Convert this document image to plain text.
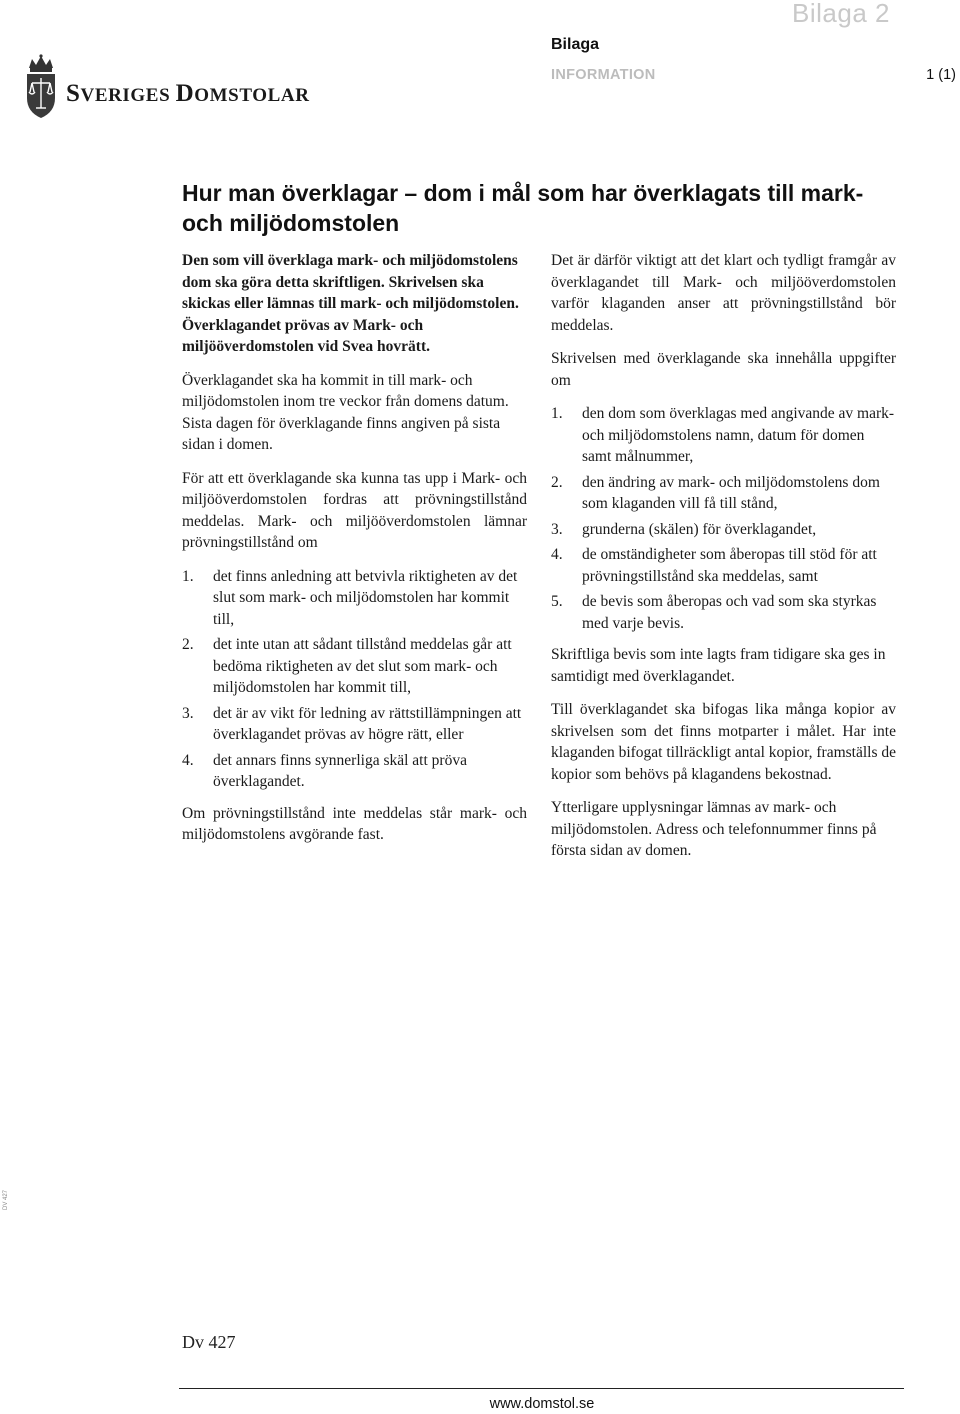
Bilaga 2
Bilaga
INFORMATION	1 (1)
SVERIGES DOMSTOLAR
Hur man överklagar – dom i mål som har överklagats till mark- och miljödomstolen

Den som vill överklaga mark- och miljödomstolens dom ska göra detta skriftligen. Skrivelsen ska skickas eller lämnas till mark- och miljödomstolen. Överklagandet prövas av Mark- och miljööverdomstolen vid Svea hovrätt.

Överklagandet ska ha kommit in till mark- och miljödomstolen inom tre veckor från domens datum. Sista dagen för överklagande finns angiven på sista sidan i domen.

För att ett överklagande ska kunna tas upp i Mark- och miljööverdomstolen fordras att prövningstillstånd meddelas. Mark- och miljööverdomstolen lämnar prövningstillstånd om

1.	det finns anledning att betvivla riktigheten av det slut som mark- och miljödomstolen har kommit till,
2.	det inte utan att sådant tillstånd meddelas går att bedöma riktigheten av det slut som mark- och miljödomstolen har kommit till,
3.	det är av vikt för ledning av rättstillämpningen att överklagandet prövas av högre rätt, eller
4.	det annars finns synnerliga skäl att pröva överklagandet.

Om prövningstillstånd inte meddelas står mark- och miljödomstolens avgörande fast.

Det är därför viktigt att det klart och tydligt framgår av överklagandet till Mark- och miljööverdomstolen varför klaganden anser att prövningstillstånd bör meddelas.

Skrivelsen med överklagande ska innehålla uppgifter om

1.	den dom som överklagas med angivande av mark- och miljödomstolens namn, datum för domen samt målnummer,
2.	den ändring av mark- och miljödomstolens dom som klaganden vill få till stånd,
3.	grunderna (skälen) för överklagandet,
4.	de omständigheter som åberopas till stöd för att prövningstillstånd ska meddelas, samt
5.	de bevis som åberopas och vad som ska styrkas med varje bevis.

Skriftliga bevis som inte lagts fram tidigare ska ges in samtidigt med överklagandet.

Till överklagandet ska bifogas lika många kopior av skrivelsen som det finns motparter i målet. Har inte klaganden bifogat tillräckligt antal kopior, framställs de kopior som behövs på klagandens bekostnad.

Ytterligare upplysningar lämnas av mark- och miljödomstolen. Adress och telefonnummer finns på första sidan av domen.

DV 427
Dv 427
www.domstol.se
